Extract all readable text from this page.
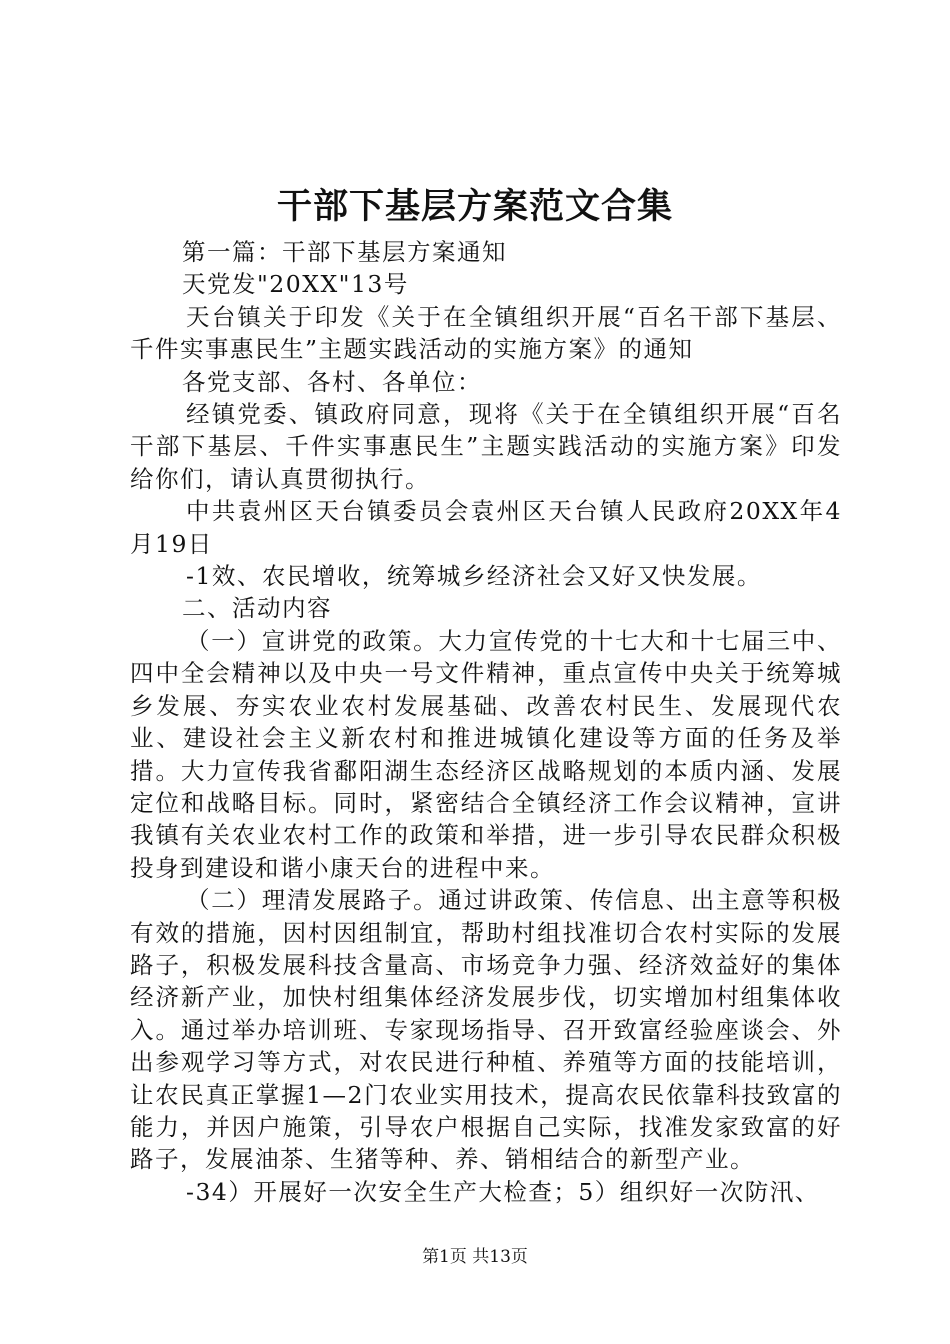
干部下基层方案范文合集

第一篇：干部下基层方案通知

天党发"20XX"13号

天台镇关于印发《关于在全镇组织开展“百名干部下基层、千件实事惠民生”主题实践活动的实施方案》的通知

各党支部、各村、各单位：

经镇党委、镇政府同意，现将《关于在全镇组织开展“百名干部下基层、千件实事惠民生”主题实践活动的实施方案》印发给你们，请认真贯彻执行。

中共袁州区天台镇委员会袁州区天台镇人民政府20XX年4月19日

-1效、农民增收，统筹城乡经济社会又好又快发展。

二、活动内容

（一）宣讲党的政策。大力宣传党的十七大和十七届三中、四中全会精神以及中央一号文件精神，重点宣传中央关于统筹城乡发展、夯实农业农村发展基础、改善农村民生、发展现代农业、建设社会主义新农村和推进城镇化建设等方面的任务及举措。大力宣传我省鄱阳湖生态经济区战略规划的本质内涵、发展定位和战略目标。同时，紧密结合全镇经济工作会议精神，宣讲我镇有关农业农村工作的政策和举措，进一步引导农民群众积极投身到建设和谐小康天台的进程中来。

（二）理清发展路子。通过讲政策、传信息、出主意等积极有效的措施，因村因组制宜，帮助村组找准切合农村实际的发展路子，积极发展科技含量高、市场竞争力强、经济效益好的集体经济新产业，加快村组集体经济发展步伐，切实增加村组集体收入。通过举办培训班、专家现场指导、召开致富经验座谈会、外出参观学习等方式，对农民进行种植、养殖等方面的技能培训，让农民真正掌握1—2门农业实用技术，提高农民依靠科技致富的能力，并因户施策，引导农户根据自己实际，找准发家致富的好路子，发展油茶、生猪等种、养、销相结合的新型产业。

-34）开展好一次安全生产大检查；5）组织好一次防汛、

第1页 共13页
